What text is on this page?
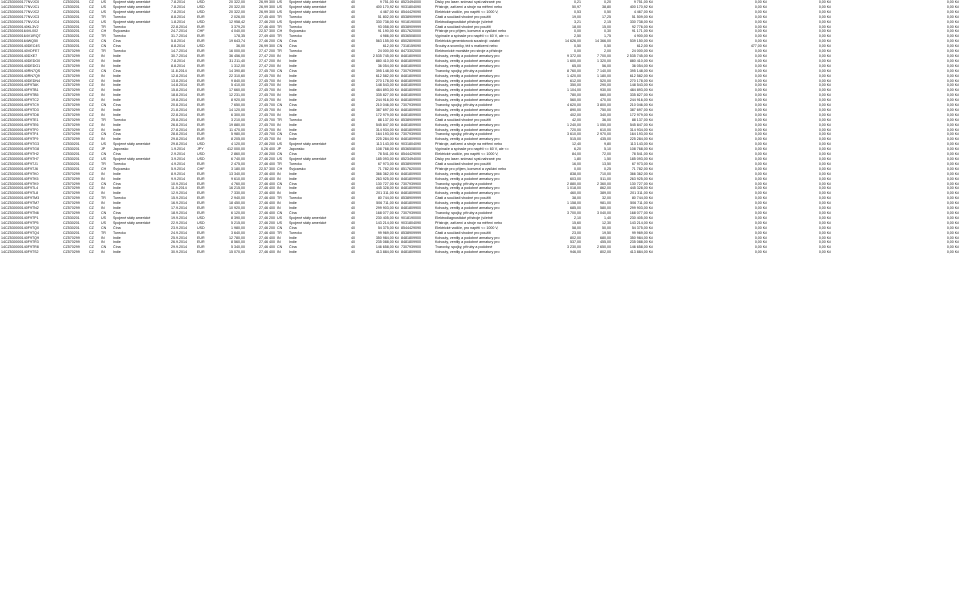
14CZ530000177NVJC0	CZ530201	CZ	US	Spojené státy americké	7.8.2014	USD	20 322,00	26,99 300	US	Spojené státy americké	40	9 751,00 Kč	8523494000	Disky pro laser. snímací syst.nahrané pro	0,21	0,20	9 751,00 Kč		0,00 Kč	0,00 Kč	0,00 Kč
14CZ530000177NVJC1	CZ530201	CZ	US	Spojené státy americké	7.8.2014	USD	20 322,00	26,99 300	US	Spojené státy americké	40	400 170,92 Kč	9031804090	Přístroje, zařízení a stroje na měření nebo	50,97	38,80	400 170,92 Kč		0,00 Kč	0,00 Kč	0,00 Kč
14CZ530000177NVJC2	CZ530201	CZ	US	Spojené státy americké	7.8.2014	USD	20 322,00	26,99 300	US	Spojené státy americké	40	4 467,00 Kč	8544429090	Elektrické vodiče, pro napětí <= 1000 V,	0,53	0,50	4 467,00 Kč		0,00 Kč	0,00 Kč	0,00 Kč
14CZ530000177NVJC3	CZ530201	CZ	TR	Turecko	8.8.2014	EUR	2 026,00	27,45 400	TR	Turecko	40	51 802,00 Kč	8538909999	Části a součásti vhodné pro použití	19,00	17,25	51 509,00 Kč		0,00 Kč	0,00 Kč	0,00 Kč
14CZ530000177NVJC4	CZ530201	CZ	US	Spojené státy americké	1.8.2014	USD	12 958,42	27,46 200	US	Spojené státy americké	40	330 738,00 Kč	9018190000	Elektrodiagnostické přístroje (včetně	3,21	2,15	330 738,00 Kč		0,00 Kč	0,00 Kč	0,00 Kč
14CZ530000140KL3V2	CZ530201	CZ	TR	Turecko	22.8.2014	EUR	3 379,20	27,46 400	TR	Turecko	40	93 058,00 Kč	8538909999	Části a součásti vhodné pro použití	18,00	15,00	92 776,00 Kč		0,00 Kč	0,00 Kč	0,00 Kč
14CZ530000164VL002	CZ530201	CZ	CH	Švýcarsko	24.7.2014	CHF	4 040,00	22,57 300	CH	Švýcarsko	40	91 190,00 Kč	8517620000	Přístroje pro příjem, konverzi a vysílání nebo	0,00	0,30	91 171,00 Kč		0,00 Kč	0,00 Kč	0,00 Kč
14CZ530000164V1IRQ7	CZ530201	CZ	TR	Turecko	31.7.2014	EUR	178,35	27,49 400	TR	Turecko	40	4 986,00 Kč	8536508000	Vypínače a spínače pro napětí <= 60 V, ale <=	2,50	1,75	4 900,00 Kč		0,00 Kč	0,00 Kč	0,00 Kč
14CZ530000164WQ50	CZ530201	CZ	CN	Čína	5.8.2014	EUR	19 643,74	27,46 200	CN	Čína	40	563 155,00 Kč	8502809000	Elektrická generátorová soustrojí: ostatní	14 626,00	14 366,00	539 150,00 Kč		0,00 Kč	0,00 Kč	0,00 Kč
14CZ530000140DEC4S	CZ530201	CZ	CN	Čína	8.8.2014	USD	36,00	26,99 300	CN	Čína	40	612,00 Kč	7318159090	Šrouby a svorníky, též s maticemi nebo	0,50	0,50	612,00 Kč		477,00 Kč	0,00 Kč	0,00 Kč
14CZ530000140VDFE7	CZ570299	CZ	TR	Turecko	14.7.2014	EUR	16 000,00	27,47 200	TR	Turecko	40	24 000,00 Kč	8473302000	Elektronické montáže pro stroje a přístroje	0,00	2,00	24 000,00 Kč		0,00 Kč	0,00 Kč	0,00 Kč
14CZ530000140DXE7	CZ570299	CZ	IN	Indie	30.7.2014	EUR	36 456,00	27,47 200	IN	Indie	40	2 535 745,00 Kč	8481809900	Kohouty, ventily a podobné armatury pro	9 372,00	7 700,00	2 535 745,00 Kč		0,00 Kč	0,00 Kč	0,00 Kč
14CZ530000140DEDG0	CZ570299	CZ	IN	Indie	7.8.2014	EUR	31 211,40	27,47 200	IN	Indie	40	880 410,00 Kč	8481809900	Kohouty, ventily a podobné armatury pro	1 600,00	1 320,00	880 410,00 Kč		0,00 Kč	0,00 Kč	0,00 Kč
14CZ530000140DEDG1	CZ570299	CZ	IN	Indie	8.8.2014	EUR	1 312,00	27,47 200	IN	Indie	40	36 054,00 Kč	8481809900	Kohouty, ventily a podobné armatury pro	65,00	56,00	36 054,00 Kč		0,00 Kč	0,00 Kč	0,00 Kč
14CZ530000140RN7QS	CZ570299	CZ	CN	Čína	11.8.2014	EUR	14 390,80	27,45 700	CN	Čína	40	395 148,00 Kč	7307939900	Tvarovky, spojky, příruby a podobné	8 760,00	7 140,00	395 148,00 Kč		0,00 Kč	0,00 Kč	0,00 Kč
14CZ530000140RN7Q9	CZ570299	CZ	IN	Indie	12.8.2014	EUR	22 310,60	27,45 700	IN	Indie	40	612 582,00 Kč	8481809900	Kohouty, ventily a podobné armatury pro	1 420,00	1 180,00	612 582,00 Kč		0,00 Kč	0,00 Kč	0,00 Kč
14CZ530000140DEDN4	CZ570299	CZ	IN	Indie	13.8.2014	EUR	9 840,00	27,45 700	IN	Indie	40	270 178,00 Kč	8481809900	Kohouty, ventily a podobné armatury pro	612,00	520,00	270 178,00 Kč		0,00 Kč	0,00 Kč	0,00 Kč
14CZ530000140F9TAK	CZ570299	CZ	IN	Indie	14.8.2014	EUR	5 410,00	27,45 700	IN	Indie	40	148 543,00 Kč	8481809900	Kohouty, ventily a podobné armatury pro	350,00	290,00	148 543,00 Kč		0,00 Kč	0,00 Kč	0,00 Kč
14CZ530000140F9TB1	CZ570299	CZ	IN	Indie	15.8.2014	EUR	17 660,00	27,45 700	IN	Indie	40	484 893,00 Kč	8481809900	Kohouty, ventily a podobné armatury pro	1 104,00	930,00	484 893,00 Kč		0,00 Kč	0,00 Kč	0,00 Kč
14CZ530000140F9TB5	CZ570299	CZ	IN	Indie	18.8.2014	EUR	12 231,00	27,45 700	IN	Indie	40	335 827,00 Kč	8481809900	Kohouty, ventily a podobné armatury pro	780,00	660,00	335 827,00 Kč		0,00 Kč	0,00 Kč	0,00 Kč
14CZ530000140F9TC2	CZ570299	CZ	IN	Indie	19.8.2014	EUR	8 920,00	27,45 700	IN	Indie	40	244 916,00 Kč	8481809900	Kohouty, ventily a podobné armatury pro	560,00	470,00	244 916,00 Kč		0,00 Kč	0,00 Kč	0,00 Kč
14CZ530000140F9TC9	CZ570299	CZ	CN	Čína	20.8.2014	EUR	7 650,00	27,45 700	CN	Čína	40	210 046,00 Kč	7307939900	Tvarovky, spojky, příruby a podobné	4 620,00	3 800,00	210 046,00 Kč		0,00 Kč	0,00 Kč	0,00 Kč
14CZ530000140F9TD3	CZ570299	CZ	IN	Indie	21.8.2014	EUR	14 120,00	27,45 700	IN	Indie	40	387 697,00 Kč	8481809900	Kohouty, ventily a podobné armatury pro	890,00	750,00	387 697,00 Kč		0,00 Kč	0,00 Kč	0,00 Kč
14CZ530000140F9TD8	CZ570299	CZ	IN	Indie	22.8.2014	EUR	6 300,00	27,45 700	IN	Indie	40	172 979,00 Kč	8481809900	Kohouty, ventily a podobné armatury pro	402,00	340,00	172 979,00 Kč		0,00 Kč	0,00 Kč	0,00 Kč
14CZ530000140F9TE1	CZ570299	CZ	TR	Turecko	25.8.2014	EUR	3 210,00	27,45 700	TR	Turecko	40	88 137,00 Kč	8538909999	Části a součásti vhodné pro použití	42,00	36,00	88 137,00 Kč		0,00 Kč	0,00 Kč	0,00 Kč
14CZ530000140F9TE6	CZ570299	CZ	IN	Indie	26.8.2014	EUR	19 880,00	27,45 700	IN	Indie	40	545 847,00 Kč	8481809900	Kohouty, ventily a podobné armatury pro	1 240,00	1 050,00	545 847,00 Kč		0,00 Kč	0,00 Kč	0,00 Kč
14CZ530000140F9TF0	CZ570299	CZ	IN	Indie	27.8.2014	EUR	11 470,00	27,45 700	IN	Indie	40	314 934,00 Kč	8481809900	Kohouty, ventily a podobné armatury pro	720,00	610,00	314 934,00 Kč		0,00 Kč	0,00 Kč	0,00 Kč
14CZ530000140F9TF4	CZ570299	CZ	CN	Čína	28.8.2014	EUR	5 980,00	27,45 700	CN	Čína	40	164 193,00 Kč	7307939900	Tvarovky, spojky, příruby a podobné	3 610,00	2 970,00	164 193,00 Kč		0,00 Kč	0,00 Kč	0,00 Kč
14CZ530000140F9TF9	CZ570299	CZ	IN	Indie	29.8.2014	EUR	8 205,00	27,45 700	IN	Indie	40	225 284,00 Kč	8481809900	Kohouty, ventily a podobné armatury pro	515,00	435,00	225 284,00 Kč		0,00 Kč	0,00 Kč	0,00 Kč
14CZ530000140F9TG3	CZ530201	CZ	US	Spojené státy americké	29.8.2014	USD	4 120,00	27,46 200	US	Spojené státy americké	40	113 143,00 Kč	9031804090	Přístroje, zařízení a stroje na měření nebo	12,40	9,80	113 143,00 Kč		0,00 Kč	0,00 Kč	0,00 Kč
14CZ530000140F9TG8	CZ530201	CZ	JP	Japonsko	1.9.2014	JPY	412 000,00	0,26 400	JP	Japonsko	40	108 768,00 Kč	8536508000	Vypínače a spínače pro napětí <= 60 V, ale <=	6,20	5,10	108 768,00 Kč		0,00 Kč	0,00 Kč	0,00 Kč
14CZ530000140F9TH2	CZ530201	CZ	CN	Čína	2.9.2014	USD	2 860,00	27,46 200	CN	Čína	40	78 541,00 Kč	8544429090	Elektrické vodiče, pro napětí <= 1000 V,	84,00	72,00	78 541,00 Kč		0,00 Kč	0,00 Kč	0,00 Kč
14CZ530000140F9TH7	CZ530201	CZ	US	Spojené státy americké	3.9.2014	USD	6 740,00	27,46 200	US	Spojené státy americké	40	185 093,00 Kč	8523494000	Disky pro laser. snímací syst.nahrané pro	1,80	1,50	185 093,00 Kč		0,00 Kč	0,00 Kč	0,00 Kč
14CZ530000140F9TJ1	CZ530201	CZ	TR	Turecko	4.9.2014	EUR	2 475,00	27,46 400	TR	Turecko	40	67 973,00 Kč	8538909999	Části a součásti vhodné pro použití	16,00	13,50	67 973,00 Kč		0,00 Kč	0,00 Kč	0,00 Kč
14CZ530000140F9TJ6	CZ530201	CZ	CH	Švýcarsko	5.9.2014	CHF	3 180,00	22,57 300	CH	Švýcarsko	40	71 782,00 Kč	8517620000	Přístroje pro příjem, konverzi a vysílání nebo	0,00	0,25	71 782,00 Kč		0,00 Kč	0,00 Kč	0,00 Kč
14CZ530000140F9TK0	CZ570299	CZ	IN	Indie	8.9.2014	EUR	13 340,00	27,46 400	IN	Indie	40	366 362,00 Kč	8481809900	Kohouty, ventily a podobné armatury pro	838,00	710,00	366 362,00 Kč		0,00 Kč	0,00 Kč	0,00 Kč
14CZ530000140F9TK5	CZ570299	CZ	IN	Indie	9.9.2014	EUR	9 610,00	27,46 400	IN	Indie	40	263 925,00 Kč	8481809900	Kohouty, ventily a podobné armatury pro	603,00	511,00	263 925,00 Kč		0,00 Kč	0,00 Kč	0,00 Kč
14CZ530000140F9TK9	CZ570299	CZ	CN	Čína	10.9.2014	EUR	4 760,00	27,46 400	CN	Čína	40	130 727,00 Kč	7307939900	Tvarovky, spojky, příruby a podobné	2 880,00	2 360,00	130 727,00 Kč		0,00 Kč	0,00 Kč	0,00 Kč
14CZ530000140F9TL4	CZ570299	CZ	IN	Indie	11.9.2014	EUR	16 215,00	27,46 400	IN	Indie	40	445 328,00 Kč	8481809900	Kohouty, ventily a podobné armatury pro	1 018,00	862,00	445 328,00 Kč		0,00 Kč	0,00 Kč	0,00 Kč
14CZ530000140F9TL8	CZ570299	CZ	IN	Indie	12.9.2014	EUR	7 330,00	27,46 400	IN	Indie	40	201 311,00 Kč	8481809900	Kohouty, ventily a podobné armatury pro	460,00	389,00	201 311,00 Kč		0,00 Kč	0,00 Kč	0,00 Kč
14CZ530000140F9TM3	CZ570299	CZ	TR	Turecko	15.9.2014	EUR	2 940,00	27,46 400	TR	Turecko	40	80 744,00 Kč	8538909999	Části a součásti vhodné pro použití	38,00	32,00	80 744,00 Kč		0,00 Kč	0,00 Kč	0,00 Kč
14CZ530000140F9TM7	CZ570299	CZ	IN	Indie	16.9.2014	EUR	18 450,00	27,46 400	IN	Indie	40	506 711,00 Kč	8481809900	Kohouty, ventily a podobné armatury pro	1 158,00	981,00	506 711,00 Kč		0,00 Kč	0,00 Kč	0,00 Kč
14CZ530000140F9TN2	CZ570299	CZ	IN	Indie	17.9.2014	EUR	10 920,00	27,46 400	IN	Indie	40	299 903,00 Kč	8481809900	Kohouty, ventily a podobné armatury pro	685,00	580,00	299 903,00 Kč		0,00 Kč	0,00 Kč	0,00 Kč
14CZ530000140F9TN6	CZ570299	CZ	CN	Čína	18.9.2014	EUR	6 120,00	27,46 400	CN	Čína	40	168 077,00 Kč	7307939900	Tvarovky, spojky, příruby a podobné	3 700,00	3 040,00	168 077,00 Kč		0,00 Kč	0,00 Kč	0,00 Kč
14CZ530000140F9TP1	CZ530201	CZ	US	Spojené státy americké	19.9.2014	USD	8 390,00	27,46 200	US	Spojené státy americké	40	230 405,00 Kč	9018190000	Elektrodiagnostické přístroje (včetně	2,10	1,40	230 405,00 Kč		0,00 Kč	0,00 Kč	0,00 Kč
14CZ530000140F9TP5	CZ530201	CZ	US	Spojené státy americké	22.9.2014	USD	5 215,00	27,46 200	US	Spojené státy americké	40	143 214,00 Kč	9031804090	Přístroje, zařízení a stroje na měření nebo	15,60	12,30	143 214,00 Kč		0,00 Kč	0,00 Kč	0,00 Kč
14CZ530000140F9TQ0	CZ530201	CZ	CN	Čína	23.9.2014	USD	1 980,00	27,46 200	CN	Čína	40	54 375,00 Kč	8544429090	Elektrické vodiče, pro napětí <= 1000 V,	58,00	50,00	54 375,00 Kč		0,00 Kč	0,00 Kč	0,00 Kč
14CZ530000140F9TQ4	CZ530201	CZ	TR	Turecko	24.9.2014	EUR	3 640,00	27,46 400	TR	Turecko	40	99 969,00 Kč	8538909999	Části a součásti vhodné pro použití	23,00	19,50	99 969,00 Kč		0,00 Kč	0,00 Kč	0,00 Kč
14CZ530000140F9TQ9	CZ570299	CZ	IN	Indie	25.9.2014	EUR	12 780,00	27,46 400	IN	Indie	40	350 984,00 Kč	8481809900	Kohouty, ventily a podobné armatury pro	802,00	680,00	350 984,00 Kč		0,00 Kč	0,00 Kč	0,00 Kč
14CZ530000140F9TR3	CZ570299	CZ	IN	Indie	26.9.2014	EUR	8 560,00	27,46 400	IN	Indie	40	235 088,00 Kč	8481809900	Kohouty, ventily a podobné armatury pro	537,00	455,00	235 088,00 Kč		0,00 Kč	0,00 Kč	0,00 Kč
14CZ530000140F9TR8	CZ570299	CZ	CN	Čína	29.9.2014	EUR	5 340,00	27,46 400	CN	Čína	40	146 658,00 Kč	7307939900	Tvarovky, spojky, příruby a podobné	3 230,00	2 650,00	146 658,00 Kč		0,00 Kč	0,00 Kč	0,00 Kč
14CZ530000140F9TS2	CZ570299	CZ	IN	Indie	30.9.2014	EUR	15 070,00	27,46 400	IN	Indie	40	413 884,00 Kč	8481809900	Kohouty, ventily a podobné armatury pro	946,00	802,00	413 884,00 Kč		0,00 Kč	0,00 Kč	0,00 Kč
